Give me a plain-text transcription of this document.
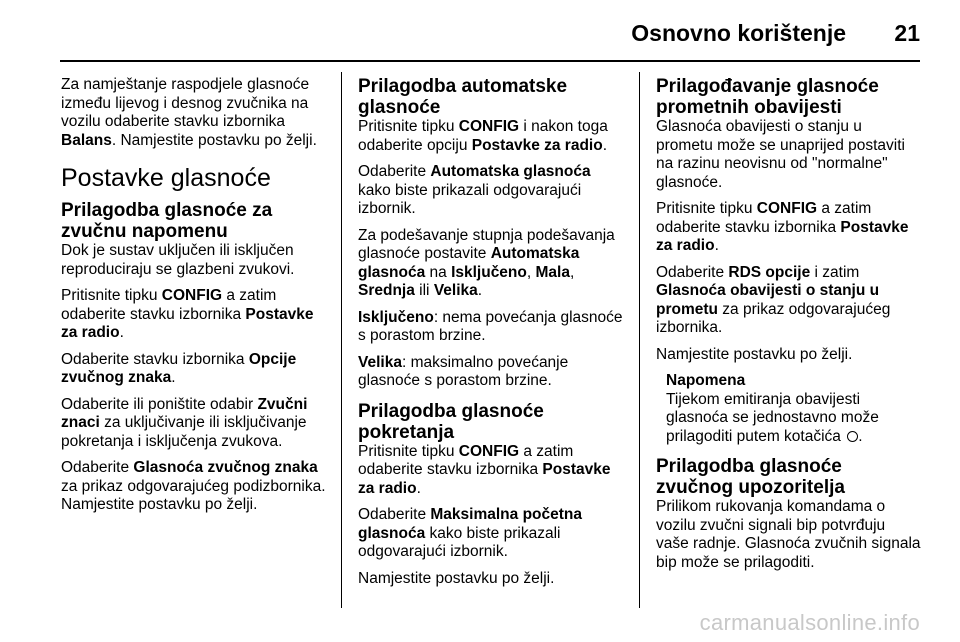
Osnovno korištenje 21

Za namještanje raspodjele glasnoće između lijevog i desnog zvučnika na vozilu odaberite stavku izbornika Balans. Namjestite postavku po želji.

Postavke glasnoće
Prilagodba glasnoće za zvučnu napomenu

Dok je sustav uključen ili isključen reproduciraju se glazbeni zvukovi.

Pritisnite tipku CONFIG a zatim odaberite stavku izbornika Postavke za radio.

Odaberite stavku izbornika Opcije zvučnog znaka.

Odaberite ili poništite odabir Zvučni znaci za uključivanje ili isključivanje pokretanja i isključenja zvukova.

Odaberite Glasnoća zvučnog znaka za prikaz odgovarajućeg podizbornika. Namjestite postavku po želji.

Prilagodba automatske glasnoće

Pritisnite tipku CONFIG i nakon toga odaberite opciju Postavke za radio.

Odaberite Automatska glasnoća kako biste prikazali odgovarajući izbornik.

Za podešavanje stupnja podešavanja glasnoće postavite Automatska glasnoća na Isključeno, Mala, Srednja ili Velika.

Isključeno: nema povećanja glasnoće s porastom brzine.

Velika: maksimalno povećanje glasnoće s porastom brzine.

Prilagodba glasnoće pokretanja

Pritisnite tipku CONFIG a zatim odaberite stavku izbornika Postavke za radio.

Odaberite Maksimalna početna glasnoća kako biste prikazali odgovarajući izbornik.

Namjestite postavku po želji.

Prilagođavanje glasnoće prometnih obavijesti

Glasnoća obavijesti o stanju u prometu može se unaprijed postaviti na razinu neovisnu od "normalne" glasnoće.

Pritisnite tipku CONFIG a zatim odaberite stavku izbornika Postavke za radio.

Odaberite RDS opcije i zatim Glasnoća obavijesti o stanju u prometu za prikaz odgovarajućeg izbornika.

Namjestite postavku po želji.

Napomena
Tijekom emitiranja obavijesti glasnoća se jednostavno može prilagoditi putem kotačića .
Prilagodba glasnoće zvučnog upozoritelja

Prilikom rukovanja komandama o vozilu zvučni signali bip potvrđuju vaše radnje. Glasnoća zvučnih signala bip može se prilagoditi.

carmanualsonline.info
